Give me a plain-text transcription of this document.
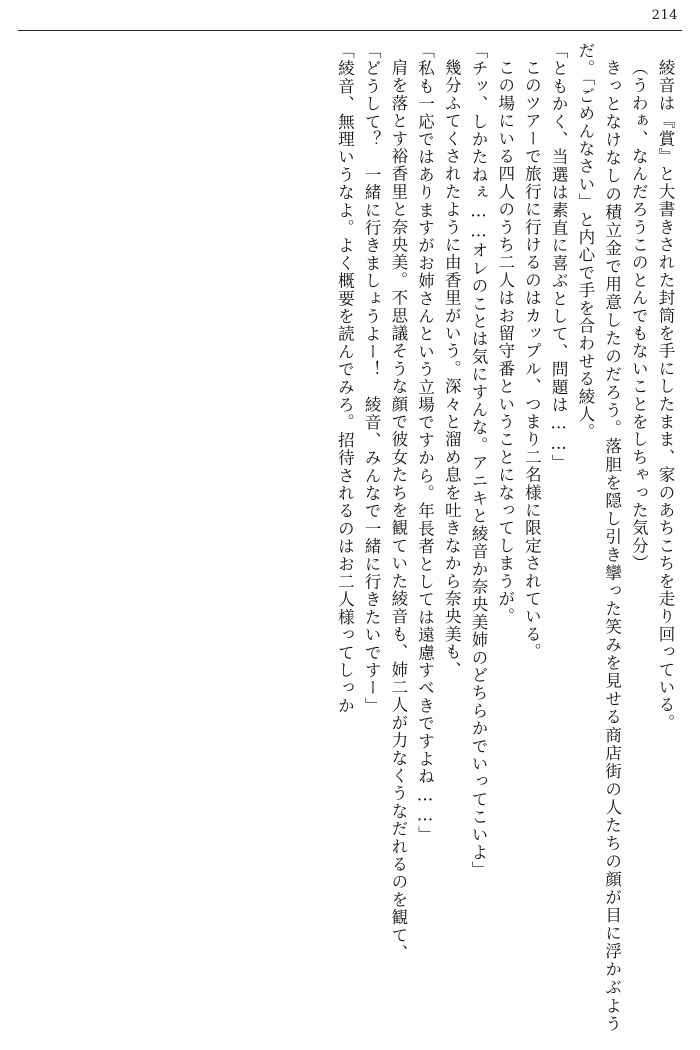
214

綾音は『賞』と大書きされた封筒を手にしたまま、家のあちこちを走り回っている。

（うわぁ、なんだろうこのとんでもないことをしちゃった気分）

きっとなけなしの積立金で用意したのだろう。落胆を隠し引き攣った笑みを見せる商店街の人たちの顔が目に浮かぶようだ。「ごめんなさい」と内心で手を合わせる綾人。

「ともかく、当選は素直に喜ぶとして、問題は……」

このツアーで旅行に行けるのはカップル、つまり二名様に限定されている。

この場にいる四人のうち二人はお留守番ということになってしまうが。

「チッ、しかたねぇ……オレのことは気にすんな。アニキと綾音か奈央美姉のどちらかでいってこいよ」

幾分ふてくされたように由香里がいう。深々と溜め息を吐きなから奈央美も、

「私も一応ではありますがお姉さんという立場ですから。年長者としては遠慮すべきですよね……」

肩を落とす裕香里と奈央美。不思議そうな顔で彼女たちを観ていた綾音も、姉二人が力なくうなだれるのを観て、

「どうして？　一緒に行きましょうよー！　綾音、みんなで一緒に行きたいですー」

「綾音、無理いうなよ。よく概要を読んでみろ。招待されるのはお二人様ってしっか
